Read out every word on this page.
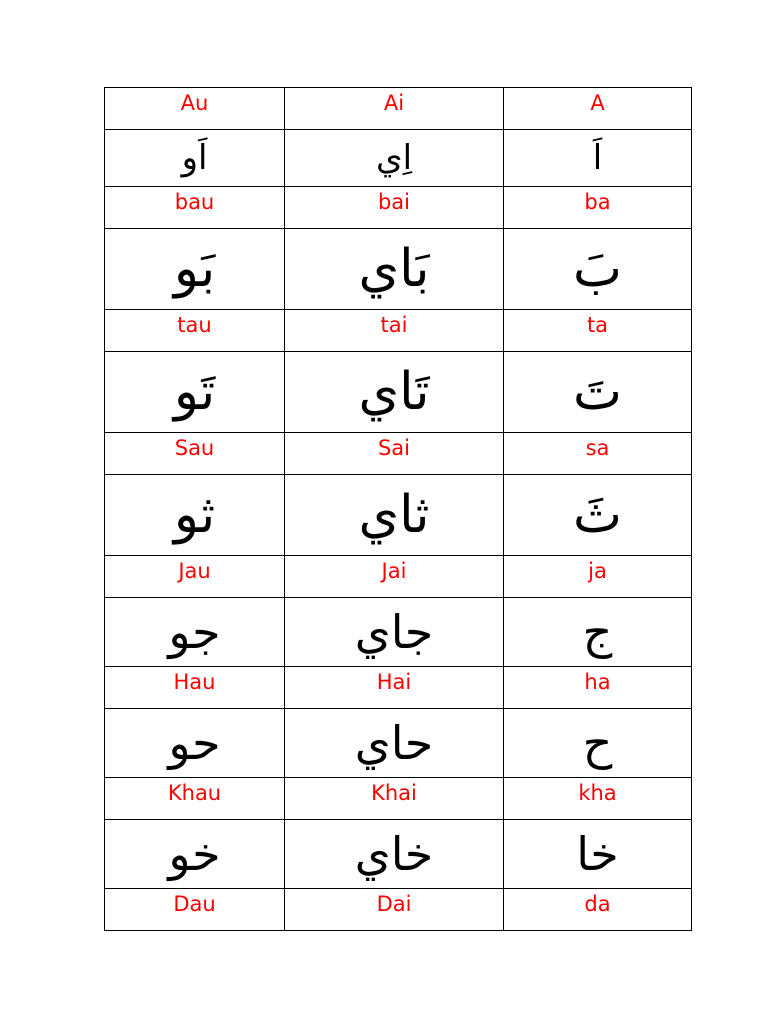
Au	Ai	A
اَو	اِي	اَ
bau	bai	ba
بَو	بَاي	بَ
tau	tai	ta
تَو	تَاي	تَ
Sau	Sai	sa
ثو	ثاي	ثَ
Jau	Jai	ja
جو	جاي	ج
Hau	Hai	ha
حو	حاي	ح
Khau	Khai	kha
خو	خاي	خا
Dau	Dai	da
